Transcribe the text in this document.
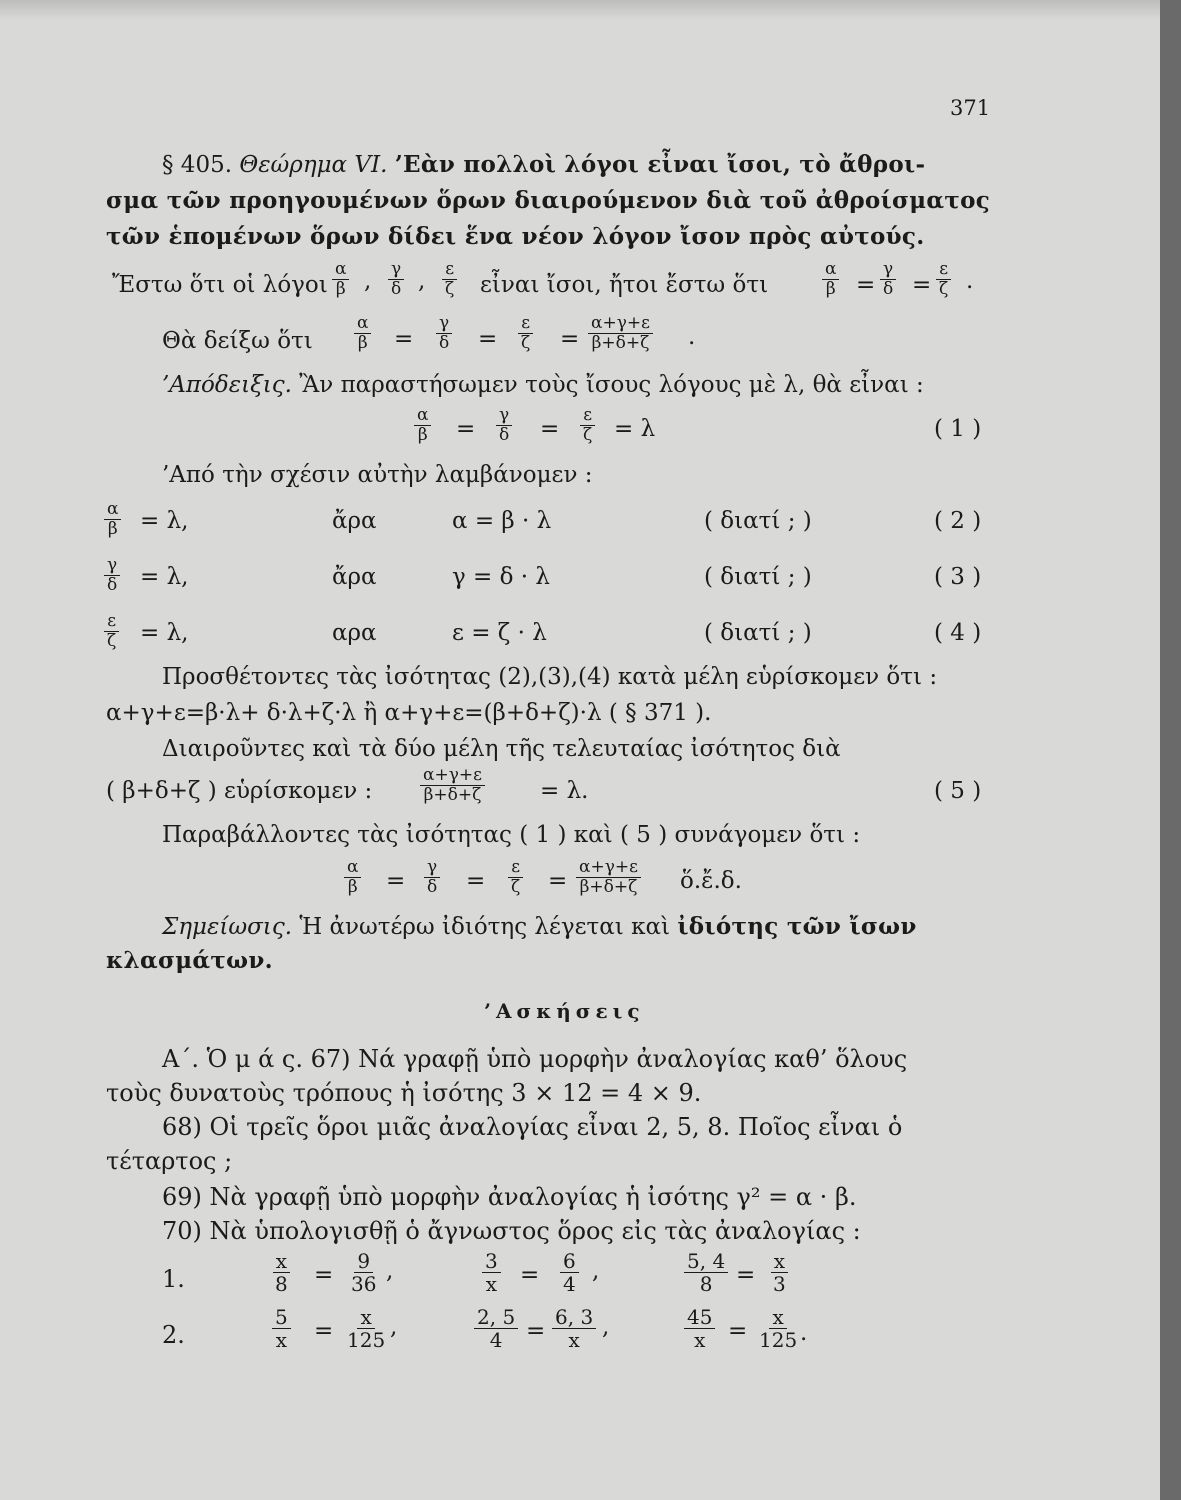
371
§ 405. Θεώρημα VI. ’Εὰν πολλοὶ λόγοι εἶναι ἴσοι, τὸ ἄθροι-
σμα τῶν προηγουμένων ὅρων διαιρούμενον διὰ τοῦ ἀθροίσματος
τῶν ἑπομένων ὅρων δίδει ἕνα νέον λόγον ἴσον πρὸς αὐτούς.
Ἔστω ὅτι οἱ λόγοι $\frac{\alpha}{\beta}$ , $\frac{\gamma}{\delta}$ , $\frac{\varepsilon}{\zeta}$ εἶναι ἴσοι, ἤτοι ἔστω ὅτι	$\frac{\alpha}{\beta} = \frac{\gamma}{\delta} = \frac{\varepsilon}{\zeta}$ .
Θὰ δείξω ὅτι $\frac{\alpha}{\beta} = \frac{\gamma}{\delta} = \frac{\varepsilon}{\zeta} = \frac{\alpha+\gamma+\varepsilon}{\beta+\delta+\zeta}$ .
’Απόδειξις. Ἂν παραστήσωμεν τοὺς ἴσους λόγους μὲ λ, θὰ εἶναι :
$\frac{\alpha}{\beta} = \frac{\gamma}{\delta} = \frac{\varepsilon}{\zeta} = \lambda$	( 1 )
’Από τὴν σχέσιν αὐτὴν λαμβάνομεν :
$\frac{\alpha}{\beta} = \lambda$,	ἄρα	α = β · λ	( διατί ; )	( 2 )
$\frac{\gamma}{\delta} = \lambda$,	ἄρα	γ = δ · λ	( διατί ; )	( 3 )
$\frac{\varepsilon}{\zeta} = \lambda$,	αρα	ε = ζ · λ	( διατί ; )	( 4 )
Προσθέτοντες τὰς ἰσότητας (2),(3),(4) κατὰ μέλη εὑρίσκομεν ὅτι :
α+γ+ε=β·λ+ δ·λ+ζ·λ ἢ α+γ+ε=(β+δ+ζ)·λ ( § 371 ).
Διαιροῦντες καὶ τὰ δύο μέλη τῆς τελευταίας ἰσότητος διὰ
( β+δ+ζ ) εὑρίσκομεν :	$\frac{\alpha+\gamma+\varepsilon}{\beta+\delta+\zeta} = \lambda$.	( 5 )
Παραβάλλοντες τὰς ἰσότητας ( 1 ) καὶ ( 5 ) συνάγομεν ὅτι :
$\frac{\alpha}{\beta} = \frac{\gamma}{\delta} = \frac{\varepsilon}{\zeta} = \frac{\alpha+\gamma+\varepsilon}{\beta+\delta+\zeta}$ ὅ.ἔ.δ.
Σημείωσις. Ἡ ἀνωτέρω ἰδιότης λέγεται καὶ ἰδιότης τῶν ἴσων
κλασμάτων.
’Ασκήσεις
Α΄. Ὁ μ ά ς. 67) Νά γραφῇ ὑπὸ μορφὴν ἀναλογίας καθ’ ὅλους
τοὺς δυνατοὺς τρόπους ἡ ἰσότης 3 × 12 = 4 × 9.
68) Οἱ τρεῖς ὅροι μιᾶς ἀναλογίας εἶναι 2, 5, 8. Ποῖος εἶναι ὁ
τέταρτος ;
69) Νὰ γραφῇ ὑπὸ μορφὴν ἀναλογίας ἡ ἰσότης γ² = α · β.
70) Νὰ ὑπολογισθῇ ὁ ἄγνωστος ὅρος εἰς τὰς ἀναλογίας :
1.	$\frac{x}{8} = \frac{9}{36}$ ,	$\frac{3}{x} = \frac{6}{4}$ ,	$\frac{5, 4}{8} = \frac{x}{3}$
2.	$\frac{5}{x} = \frac{x}{125}$ ,	$\frac{2, 5}{4} = \frac{6, 3}{x}$ ,	$\frac{45}{x} = \frac{x}{125}$ .
